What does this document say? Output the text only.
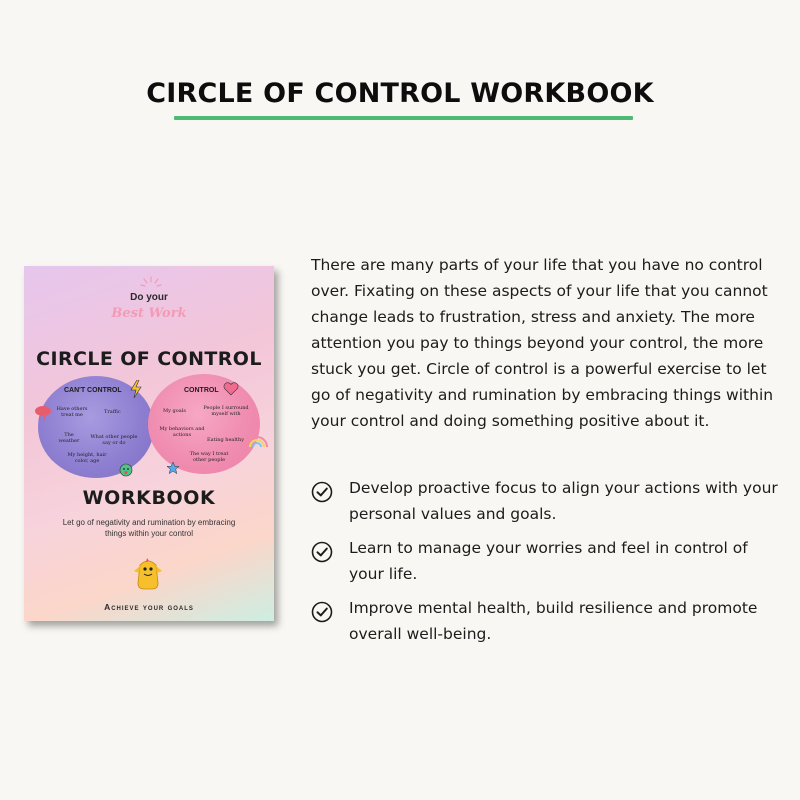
CIRCLE OF CONTROL WORKBOOK
Do your
Best Work
CIRCLE OF CONTROL
CAN'T CONTROL
Have others treat me	Traffic
The weather
What other people say or do
My height, hair color, age
CONTROL
My goals	People I surround myself with
My behaviors and actions
Eating healthy
The way I treat other people
WORKBOOK
Let go of negativity and rumination by embracing things within your control
Achieve your goals

There are many parts of your life that you have no control over. Fixating on these aspects of your life that you cannot change leads to frustration, stress and anxiety. The more attention you pay to things beyond your control, the more stuck you get. Circle of control is a powerful exercise to let go of negativity and rumination by embracing things within your control and doing something positive about it.

Develop proactive focus to align your actions with your personal values and goals.
Learn to manage your worries and feel in control of your life.
Improve mental health, build resilience and promote overall well-being.
